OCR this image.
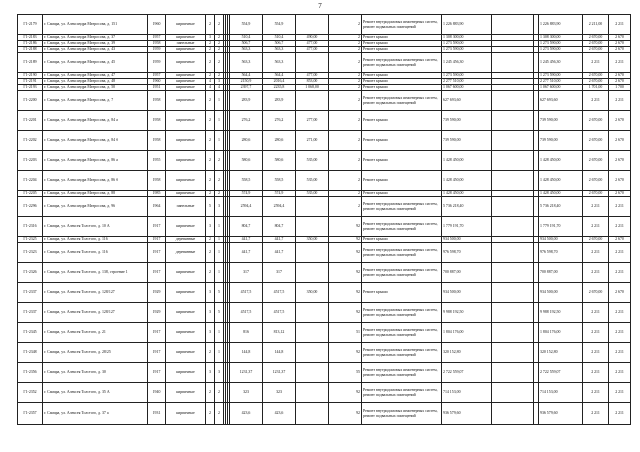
7
Г1-2179	г. Самара, ул. Александра Матросова, д. 151	1960	кирпичные	2	2				554,9	554,9		2	Ремонт внутридомовых инженерных систем, ремонт подвальных помещений	1 226 883,90			1 226 883,90	2 211,00	2 211
Г1-2183	г. Самара, ул. Александра Матросова, д. 37	1957	кирпичные	3	2				510,4	510,4	490,00	2	Ремонт крыши	1 308 300,00			1 308 300,00	2 670,00	2 670
Г1-2186	г. Самара, ул. Александра Матросова, д. 39	1958	панельные	2	2				506,7	506,7	477,00	2	Ремонт крыши	1 273 590,00			1 273 590,00	2 670,00	2 670
Г1-2188	г. Самара, ул. Александра Матросова, д. 43	1959	кирпичные	2	2				563,3	563,3	477,00	2	Ремонт крыши	1 273 590,00			1 273 590,00	2 670,00	2 670
Г1-2189	г. Самара, ул. Александра Матросова, д. 45	1959	кирпичные	2	2				563,3	563,3		2	Ремонт внутридомовых инженерных систем, ремонт подвальных помещений	1 245 456,30			1 245 456,30	2 211	2 211
Г1-2190	г. Самара, ул. Александра Матросова, д. 47	1957	кирпичные	2	2				564,4	564,4	477,00	2	Ремонт крыши	1 273 590,00			1 273 590,00	2 670,00	2 670
Г1-2191	г. Самара, ул. Александра Матросова, д. 48	1960	кирпичные	4	3				2150,9	2016,4	853,00	2	Ремонт крыши	2 277 510,00			2 277 510,00	2 670,00	2 670
Г1-2193	г. Самара, ул. Александра Матросова, д. 50	1951	кирпичные	4	4				2397,7	2235,8	1 068,00	2	Ремонт крыши	1 067 600,00			1 067 600,00	1 701,00	1 700
Г1-2200	г. Самара, ул. Александра Матросова, д. 7	1958	кирпичные	2	1				283,9	283,9		2	Ремонт внутридомовых инженерных систем, ремонт подвальных помещений	627 693,60			627 693,60	2 211	2 211
Г1-2201	г. Самара, ул. Александра Матросова, д. 84 а	1958	кирпичные	2	1				276,2	276,2	277,00	2	Ремонт крыши	739 590,00			739 590,00	2 670,00	2 670
Г1-2202	г. Самара, ул. Александра Матросова, д. 84 б	1958	кирпичные	2	1				280,6	280,6	271,00	2	Ремонт крыши	739 590,00			739 590,00	2 670,00	2 670
Г1-2203	г. Самара, ул. Александра Матросова, д. 86 а	1955	кирпичные	2	2				580,6	580,6	535,00	2	Ремонт крыши	1 428 450,00			1 428 450,00	2 670,00	2 670
Г1-2204	г. Самара, ул. Александра Матросова, д. 86 б	1958	кирпичные	2	2				558,5	558,5	535,00	2	Ремонт крыши	1 428 450,00			1 428 450,00	2 670,00	2 670
Г1-2205	г. Самара, ул. Александра Матросова, д. 88	1985	кирпичные	2	2				574,9	574,9	535,00	2	Ремонт крыши	1 428 450,00			1 428 450,00	2 670,00	2 670
Г1-2296	г. Самара, ул. Александра Матросова, д. 96	1964	панельные	5	3				2594,4	2594,4		2	Ремонт внутридомовых инженерных систем, ремонт подвальных помещений	5 736 218,40			5 736 218,40	2 211	2 211
Г1-2316	г. Самара, ул. Алексея Толстого, д. 10 А	1917	кирпичные	3	1				804,7	804,7		92	Ремонт внутридомовых инженерных систем, ремонт подвальных помещений	1 779 191,70			1 779 191,70	2 211	2 211
Г1-2325	г. Самара, ул. Алексея Толстого, д. 116	1917	деревянные	2	1				441,7	441,7	350,00	92	Ремонт крыши	934 500,00			934 500,00	2 670,00	2 670
Г1-2323	г. Самара, ул. Алексея Толстого, д. 116	1917	деревянные	2	1				441,7	441,7		92	Ремонт внутридомовых инженерных систем, ремонт подвальных помещений	976 598,70			976 598,70	2 211	2 211
Г1-2326	г. Самара, ул. Алексея Толстого, д. 138, строение 1	1917	кирпичные	2	1				317	317		92	Ремонт внутридомовых инженерных систем, ремонт подвальных помещений	700 887,00			700 887,00	2 211	2 211
Г1-2337	г. Самара, ул. Алексея Толстого, д. 128/127	1929	кирпичные	3	5				4517,5	4517,5	350,00	92	Ремонт крыши	934 500,00			934 500,00	2 670,00	2 670
Г1-2337	г. Самара, ул. Алексея Толстого, д. 128/127	1929	кирпичные	3	5				4517,5	4517,5		92	Ремонт внутридомовых инженерных систем, ремонт подвальных помещений	9 988 192,50			9 988 192,50	2 211	2 211
Г1-2345	г. Самара, ул. Алексея Толстого, д. 21	1917	кирпичные	3	1				816	813,12		51	Ремонт внутридомовых инженерных систем, ремонт подвальных помещений	1 804 176,00			1 804 176,00	2 211	2 211
Г1-2348	г. Самара, ул. Алексея Толстого, д. 28/25	1917	кирпичные	2	1				144,8	144,8		92	Ремонт внутридомовых инженерных систем, ремонт подвальных помещений	320 152,80			320 152,80	2 211	2 211
Г1-2356	г. Самара, ул. Алексея Толстого, д. 30	1917	кирпичные	3	3				1231,37	1231,37		55	Ремонт внутридомовых инженерных систем, ремонт подвальных помещений	2 722 559,07			2 722 559,07	2 211	2 211
Г1-2352	г. Самара, ул. Алексея Толстого, д. 35 А	1940	кирпичные	2	2				323	323		92	Ремонт внутридомовых инженерных систем, ремонт подвальных помещений	714 153,00			714 153,00	2 211	2 211
Г1-2357	г. Самара, ул. Алексея Толстого, д. 37 а	1931	кирпичные	2	2				423,6	423,6		92	Ремонт внутридомовых инженерных систем, ремонт подвальных помещений	936 579,60			936 579,60	2 211	2 211
